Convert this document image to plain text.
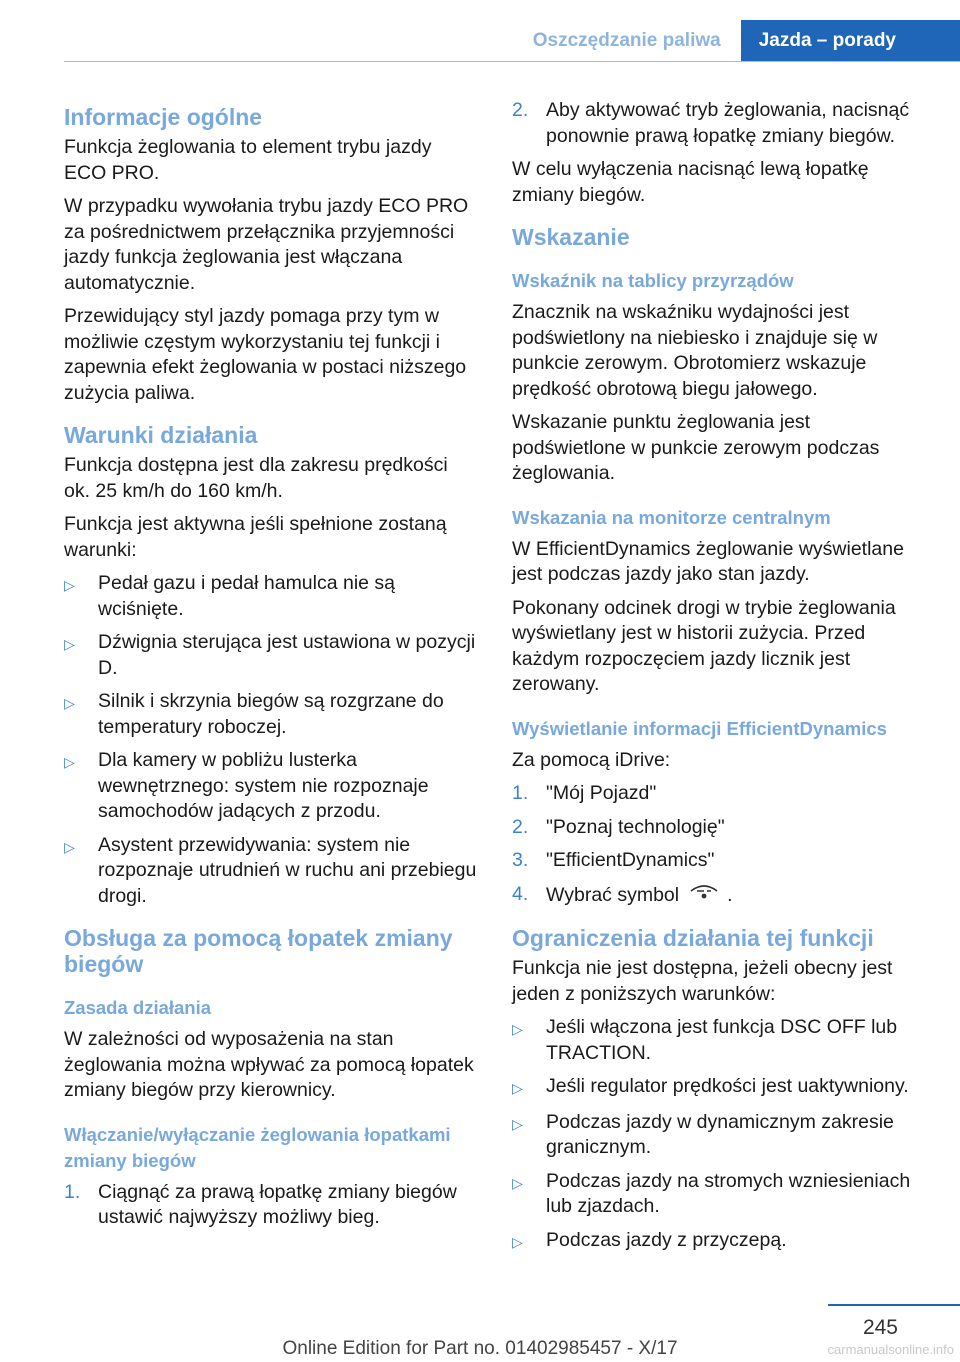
Oszczędzanie paliwa	Jazda – porady
Informacje ogólne

Funkcja żeglowania to element trybu jazdy ECO PRO.

W przypadku wywołania trybu jazdy ECO PRO za pośrednictwem przełącznika przyjemności jazdy funkcja żeglowania jest włączana automatycznie.

Przewidujący styl jazdy pomaga przy tym w możliwie częstym wykorzystaniu tej funkcji i zapewnia efekt żeglowania w postaci niższego zużycia paliwa.

Warunki działania

Funkcja dostępna jest dla zakresu prędkości ok. 25 km/h do 160 km/h.

Funkcja jest aktywna jeśli spełnione zostaną warunki:

▷	Pedał gazu i pedał hamulca nie są wciśnięte.
▷	Dźwignia sterująca jest ustawiona w pozycji D.
▷	Silnik i skrzynia biegów są rozgrzane do temperatury roboczej.
▷	Dla kamery w pobliżu lusterka wewnętrznego: system nie rozpoznaje samochodów jadących z przodu.
▷	Asystent przewidywania: system nie rozpoznaje utrudnień w ruchu ani przebiegu drogi.
Obsługa za pomocą łopatek zmiany biegów
Zasada działania

W zależności od wyposażenia na stan żeglowania można wpływać za pomocą łopatek zmiany biegów przy kierownicy.

Włączanie/wyłączanie żeglowania łopatkami zmiany biegów
1. Ciągnąć za prawą łopatkę zmiany biegów ustawić najwyższy możliwy bieg.
2. Aby aktywować tryb żeglowania, nacisnąć ponownie prawą łopatkę zmiany biegów.

W celu wyłączenia nacisnąć lewą łopatkę zmiany biegów.

Wskazanie
Wskaźnik na tablicy przyrządów

Znacznik na wskaźniku wydajności jest podświetlony na niebiesko i znajduje się w punkcie zerowym. Obrotomierz wskazuje prędkość obrotową biegu jałowego.

Wskazanie punktu żeglowania jest podświetlone w punkcie zerowym podczas żeglowania.

Wskazania na monitorze centralnym

W EfficientDynamics żeglowanie wyświetlane jest podczas jazdy jako stan jazdy.

Pokonany odcinek drogi w trybie żeglowania wyświetlany jest w historii zużycia. Przed każdym rozpoczęciem jazdy licznik jest zerowany.

Wyświetlanie informacji EfficientDynamics

Za pomocą iDrive:

1. "Mój Pojazd"
2. "Poznaj technologię"
3. "EfficientDynamics"
4. Wybrać symbol .
Ograniczenia działania tej funkcji

Funkcja nie jest dostępna, jeżeli obecny jest jeden z poniższych warunków:

▷	Jeśli włączona jest funkcja DSC OFF lub TRACTION.
▷	Jeśli regulator prędkości jest uaktywniony.
▷	Podczas jazdy w dynamicznym zakresie granicznym.
▷	Podczas jazdy na stromych wzniesieniach lub zjazdach.
▷	Podczas jazdy z przyczepą.
245
Online Edition for Part no. 01402985457 - X/17	carmanualsonline.info
